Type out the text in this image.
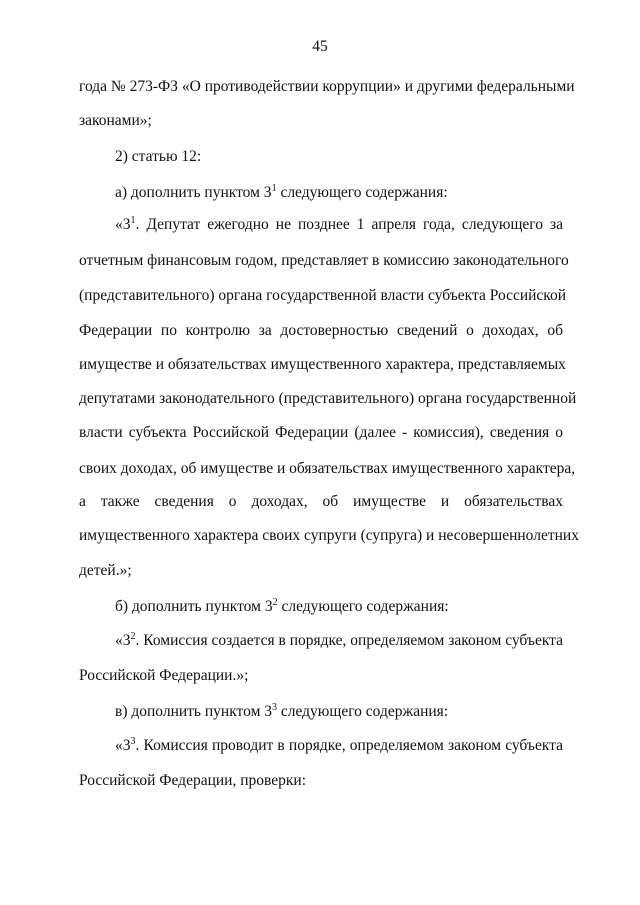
45
года № 273-ФЗ «О противодействии коррупции» и другими федеральными
законами»;
2) статью 12:
а) дополнить пунктом $3^1$ следующего содержания:
«$3^1$. Депутат ежегодно не позднее 1 апреля года, следующего за
отчетным финансовым годом, представляет в комиссию законодательного
(представительного) органа государственной власти субъекта Российской
Федерации по контролю за достоверностью сведений о доходах, об
имуществе и обязательствах имущественного характера, представляемых
депутатами законодательного (представительного) органа государственной
власти субъекта Российской Федерации (далее - комиссия), сведения о
своих доходах, об имуществе и обязательствах имущественного характера,
а также сведения о доходах, об имуществе и обязательствах
имущественного характера своих супруги (супруга) и несовершеннолетних
детей.»;
б) дополнить пунктом $3^2$ следующего содержания:
«$3^2$. Комиссия создается в порядке, определяемом законом субъекта
Российской Федерации.»;
в) дополнить пунктом $3^3$ следующего содержания:
«$3^3$. Комиссия проводит в порядке, определяемом законом субъекта
Российской Федерации, проверки:
